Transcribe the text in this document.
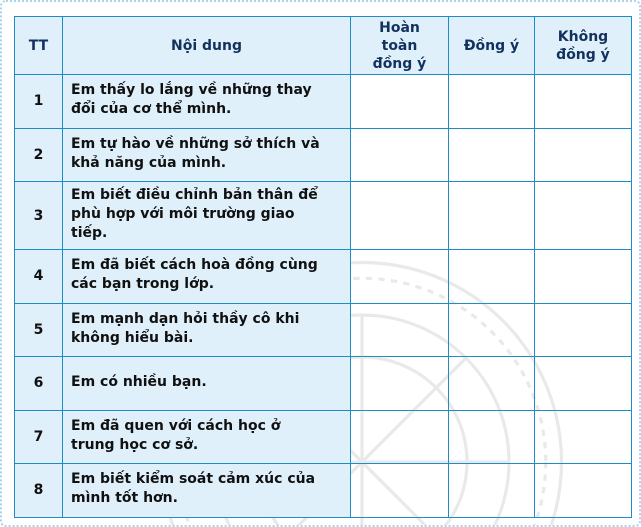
TT	Nội dung	Hoàn toàn đồng ý	Đồng ý	Không đồng ý
1	Em thấy lo lắng về những thay đổi của cơ thể mình.			

2	Em tự hào về những sở thích và khả năng của mình.			

3	Em biết điều chỉnh bản thân để phù hợp với môi trường giao tiếp.			

4	Em đã biết cách hoà đồng cùng các bạn trong lớp.			

5	Em mạnh dạn hỏi thầy cô khi không hiểu bài.			

6	Em có nhiều bạn.			

7	Em đã quen với cách học ở trung học cơ sở.			

8	Em biết kiểm soát cảm xúc của mình tốt hơn.			
